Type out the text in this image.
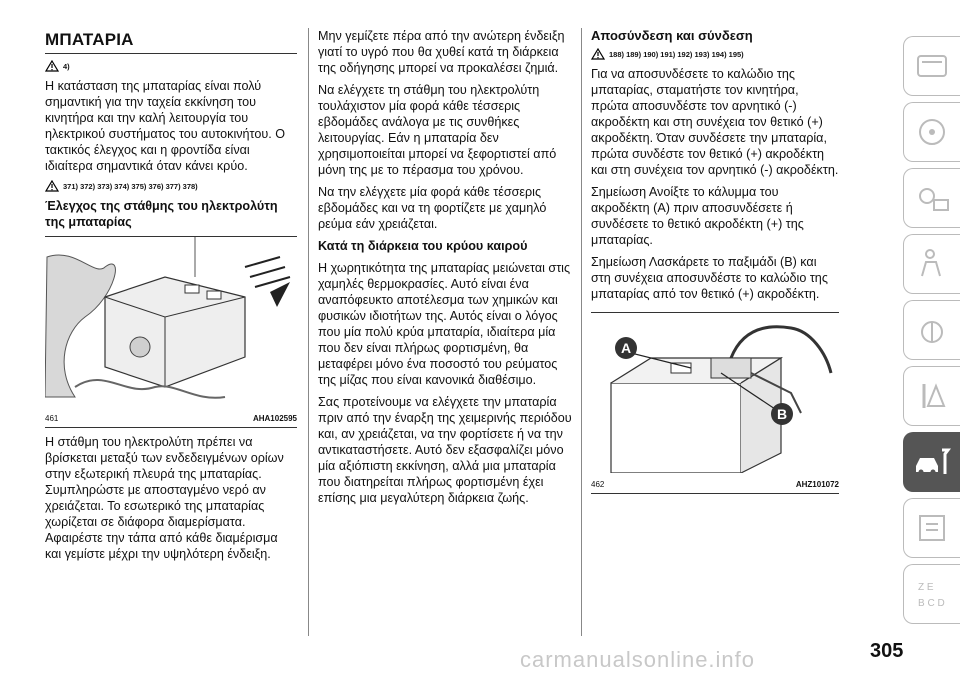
ΜΠΑΤΑΡΙΑ
4)

Η κατάσταση της μπαταρίας είναι πολύ σημαντική για την ταχεία εκκίνηση του κινητήρα και την καλή λειτουργία του ηλεκτρικού συστήματος του αυτοκινήτου. Ο τακτικός έλεγχος και η φροντίδα είναι ιδιαίτερα σημαντικά όταν κάνει κρύο.

371) 372) 373) 374) 375) 376) 377) 378)
Έλεγχος της στάθμης του ηλεκτρολύτη της μπαταρίας
461	AHA102595

Η στάθμη του ηλεκτρολύτη πρέπει να βρίσκεται μεταξύ των ενδεδειγμένων ορίων στην εξωτερική πλευρά της μπαταρίας. Συμπληρώστε με αποσταγμένο νερό αν χρειάζεται. Το εσωτερικό της μπαταρίας χωρίζεται σε διάφορα διαμερίσματα. Αφαιρέστε την τάπα από κάθε διαμέρισμα και γεμίστε μέχρι την υψηλότερη ένδειξη.

Μην γεμίζετε πέρα από την ανώτερη ένδειξη γιατί το υγρό που θα χυθεί κατά τη διάρκεια της οδήγησης μπορεί να προκαλέσει ζημιά.

Να ελέγχετε τη στάθμη του ηλεκτρολύτη τουλάχιστον μία φορά κάθε τέσσερις εβδομάδες ανάλογα με τις συνθήκες λειτουργίας. Εάν η μπαταρία δεν χρησιμοποιείται μπορεί να ξεφορτιστεί από μόνη της με το πέρασμα του χρόνου.

Να την ελέγχετε μία φορά κάθε τέσσερις εβδομάδες και να τη φορτίζετε με χαμηλό ρεύμα εάν χρειάζεται.

Κατά τη διάρκεια του κρύου καιρού

Η χωρητικότητα της μπαταρίας μειώνεται στις χαμηλές θερμοκρασίες. Αυτό είναι ένα αναπόφευκτο αποτέλεσμα των χημικών και φυσικών ιδιοτήτων της. Αυτός είναι ο λόγος που μία πολύ κρύα μπαταρία, ιδιαίτερα μία που δεν είναι πλήρως φορτισμένη, θα μεταφέρει μόνο ένα ποσοστό του ρεύματος της μίζας που είναι κανονικά διαθέσιμο.

Σας προτείνουμε να ελέγχετε την μπαταρία πριν από την έναρξη της χειμερινής περιόδου και, αν χρειάζεται, να την φορτίσετε ή να την αντικαταστήσετε. Αυτό δεν εξασφαλίζει μόνο μία αξιόπιστη εκκίνηση, αλλά μια μπαταρία που διατηρείται πλήρως φορτισμένη έχει επίσης μια μεγαλύτερη διάρκεια ζωής.

Αποσύνδεση και σύνδεση
188) 189) 190) 191) 192) 193) 194) 195)

Για να αποσυνδέσετε το καλώδιο της μπαταρίας, σταματήστε τον κινητήρα, πρώτα αποσυνδέστε τον αρνητικό (-) ακροδέκτη και στη συνέχεια τον θετικό (+) ακροδέκτη. Όταν συνδέσετε την μπαταρία, πρώτα συνδέστε τον θετικό (+) ακροδέκτη και στη συνέχεια τον αρνητικό (-) ακροδέκτη.

Σημείωση Ανοίξτε το κάλυμμα του ακροδέκτη (A) πριν αποσυνδέσετε ή συνδέσετε το θετικό ακροδέκτη (+) της μπαταρίας.

Σημείωση Λασκάρετε το παξιμάδι (B) και στη συνέχεια αποσυνδέστε το καλώδιο της μπαταρίας από τον θετικό (+) ακροδέκτη.

A
B
462	AHZ101072
Z E
B C D
carmanualsonline.info	305
